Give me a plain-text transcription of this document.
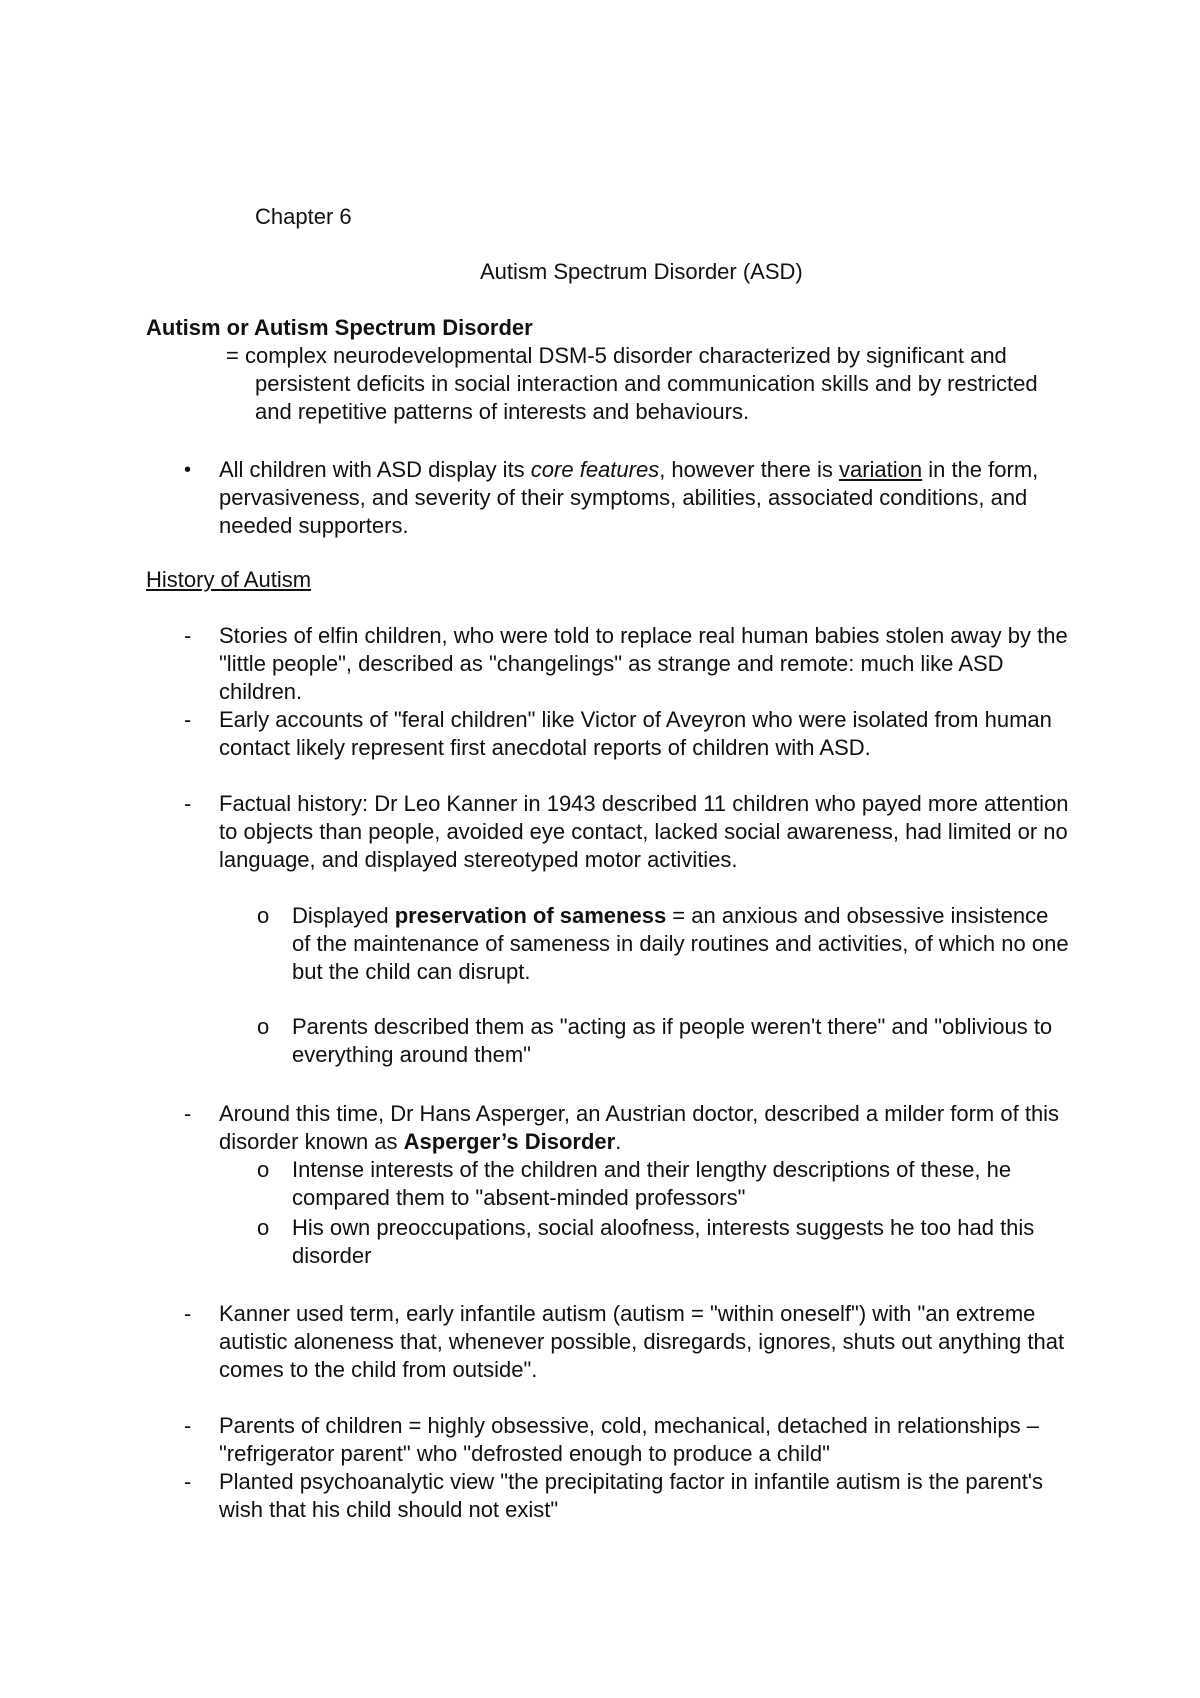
Chapter 6
Autism Spectrum Disorder (ASD)
Autism or Autism Spectrum Disorder
= complex neurodevelopmental DSM-5 disorder characterized by significant and persistent deficits in social interaction and communication skills and by restricted and repetitive patterns of interests and behaviours.
• All children with ASD display its core features, however there is variation in the form, pervasiveness, and severity of their symptoms, abilities, associated conditions, and needed supporters.
History of Autism
- Stories of elfin children, who were told to replace real human babies stolen away by the "little people", described as "changelings" as strange and remote: much like ASD children.
- Early accounts of "feral children" like Victor of Aveyron who were isolated from human contact likely represent first anecdotal reports of children with ASD.
- Factual history: Dr Leo Kanner in 1943 described 11 children who payed more attention to objects than people, avoided eye contact, lacked social awareness, had limited or no language, and displayed stereotyped motor activities.
o Displayed preservation of sameness = an anxious and obsessive insistence of the maintenance of sameness in daily routines and activities, of which no one but the child can disrupt.
o Parents described them as "acting as if people weren't there" and "oblivious to everything around them"
- Around this time, Dr Hans Asperger, an Austrian doctor, described a milder form of this disorder known as Asperger’s Disorder.
o Intense interests of the children and their lengthy descriptions of these, he compared them to "absent-minded professors"
o His own preoccupations, social aloofness, interests suggests he too had this disorder
- Kanner used term, early infantile autism (autism = "within oneself") with "an extreme autistic aloneness that, whenever possible, disregards, ignores, shuts out anything that comes to the child from outside".
- Parents of children = highly obsessive, cold, mechanical, detached in relationships – "refrigerator parent" who "defrosted enough to produce a child"
- Planted psychoanalytic view "the precipitating factor in infantile autism is the parent's wish that his child should not exist"
